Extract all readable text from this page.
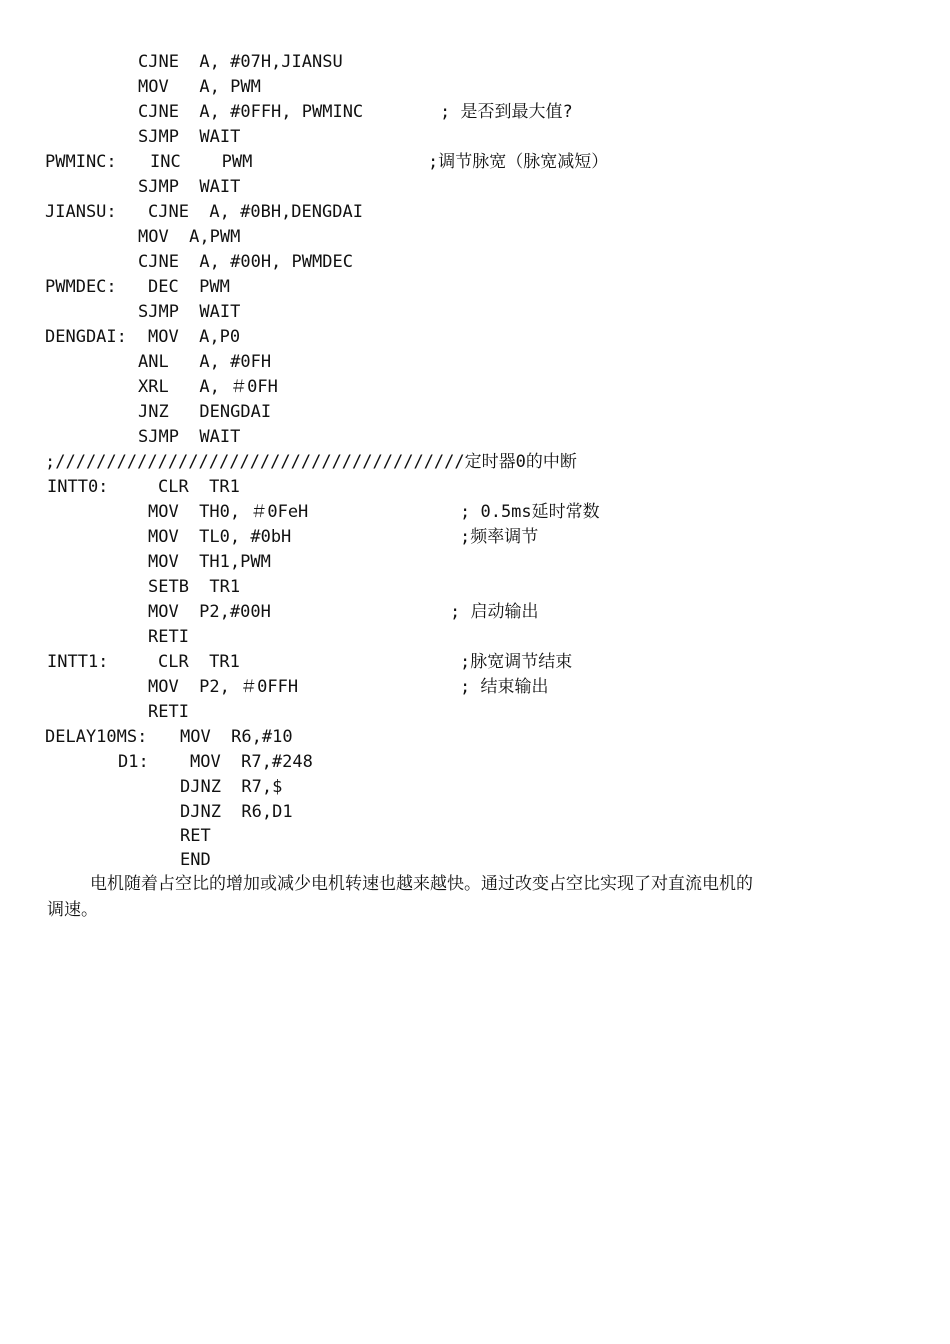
CJNE  A, #07H,JIANSU
MOV   A, PWM
CJNE  A, #0FFH, PWMINC	; 是否到最大值?
SJMP  WAIT
PWMINC: INC    PWM	;调节脉宽（脉宽减短）
SJMP  WAIT
JIANSU: CJNE  A, #0BH,DENGDAI
MOV  A,PWM
CJNE  A, #00H, PWMDEC
PWMDEC: DEC  PWM
SJMP  WAIT
DENGDAI: MOV  A,P0
ANL   A, #0FH
XRL   A, ＃0FH
JNZ   DENGDAI
SJMP  WAIT
;////////////////////////////////////////定时器0的中断
INTT0:	CLR  TR1
MOV  TH0, ＃0FeH	; 0.5ms延时常数
MOV  TL0, #0bH	;频率调节
MOV  TH1,PWM
SETB  TR1
MOV  P2,#00H	; 启动输出
RETI
INTT1:	CLR  TR1	;脉宽调节结束
MOV  P2, ＃0FFH	; 结束输出
RETI
DELAY10MS: MOV  R6,#10
D1: MOV  R7,#248
DJNZ  R7,$
DJNZ  R6,D1
RET
END
电机随着占空比的增加或减少电机转速也越来越快。通过改变占空比实现了对直流电机的
调速。
